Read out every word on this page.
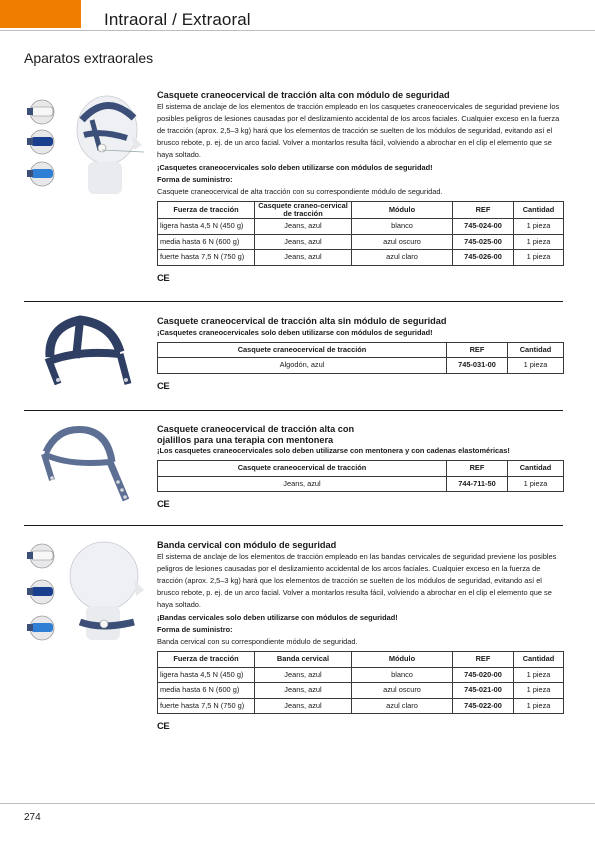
Intraoral / Extraoral
Aparatos extraorales
Casquete craneocervical de tracción alta con módulo de seguridad

El sistema de anclaje de los elementos de tracción empleado en los casquetes craneocervicales de seguridad previene los posibles peligros de lesiones causadas por el deslizamiento accidental de los arcos faciales. Cualquier exceso en la fuerza de tracción (aprox. 2,5–3 kg) hará que los elementos de tracción se suelten de los módulos de seguridad, evitando así el brusco rebote, p. ej. de un arco facial. Volver a montarlos resulta fácil, volviendo a abrochar en el clip el elemento que se haya soltado.

¡Casquetes craneocervicales solo deben utilizarse con módulos de seguridad!

Forma de suministro:

Casquete craneocervical de alta tracción con su correspondiente módulo de seguridad.

Fuerza de tracción	Casquete craneo-cervical de tracción	Módulo	REF	Cantidad
ligera hasta 4,5 N (450 g)	Jeans, azul	blanco	745-024-00	1 pieza
media hasta 6 N (600 g)	Jeans, azul	azul oscuro	745-025-00	1 pieza
fuerte hasta 7,5 N (750 g)	Jeans, azul	azul claro	745-026-00	1 pieza
CE
Casquete craneocervical de tracción alta sin módulo de seguridad

¡Casquetes craneocervicales solo deben utilizarse con módulos de seguridad!

Casquete craneocervical de tracción	REF	Cantidad
Algodón, azul	745-031-00	1 pieza
CE
Casquete craneocervical de tracción alta con ojalillos para una terapia con mentonera

¡Los casquetes craneocervicales solo deben utilizarse con mentonera y con cadenas elastoméricas!

Casquete craneocervical de tracción	REF	Cantidad
Jeans, azul	744-711-50	1 pieza
CE
Banda cervical con módulo de seguridad

El sistema de anclaje de los elementos de tracción empleado en las bandas cervicales de seguridad previene los posibles peligros de lesiones causadas por el deslizamiento accidental de los arcos faciales. Cualquier exceso en la fuerza de tracción (aprox. 2,5–3 kg) hará que los elementos de tracción se suelten de los módulos de seguridad, evitando así el brusco rebote, p. ej. de un arco facial. Volver a montarlos resulta fácil, volviendo a abrochar en el clip el elemento que se haya soltado.

¡Bandas cervicales solo deben utilizarse con módulos de seguridad!

Forma de suministro:

Banda cervical con su correspondiente módulo de seguridad.

Fuerza de tracción	Banda cervical	Módulo	REF	Cantidad
ligera hasta 4,5 N (450 g)	Jeans, azul	blanco	745-020-00	1 pieza
media hasta 6 N (600 g)	Jeans, azul	azul oscuro	745-021-00	1 pieza
fuerte hasta 7,5 N (750 g)	Jeans, azul	azul claro	745-022-00	1 pieza
CE
274
